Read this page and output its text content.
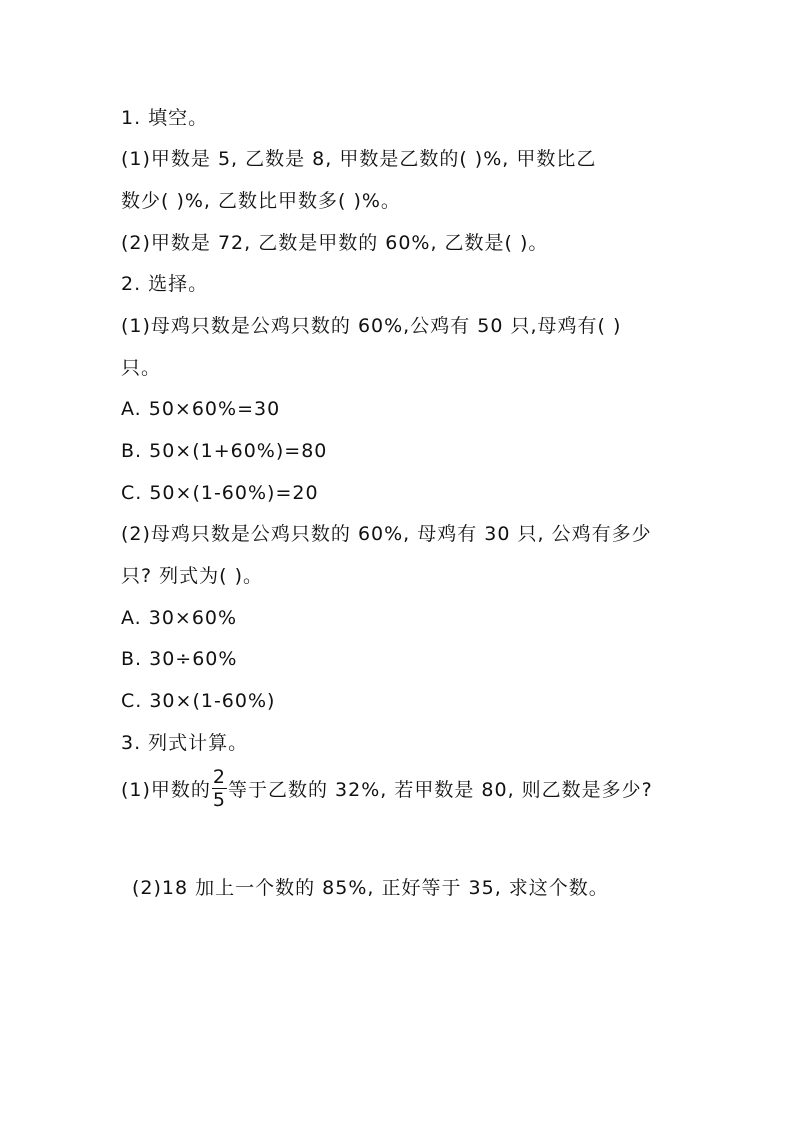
1. 填空。
(1)甲数是 5, 乙数是 8, 甲数是乙数的( )%, 甲数比乙
数少( )%, 乙数比甲数多( )%。
(2)甲数是 72, 乙数是甲数的 60%, 乙数是( )。
2. 选择。
(1)母鸡只数是公鸡只数的 60%,公鸡有 50 只,母鸡有( )
只。
A. 50×60%=30
B. 50×(1+60%)=80
C. 50×(1-60%)=20
(2)母鸡只数是公鸡只数的 60%, 母鸡有 30 只, 公鸡有多少
只? 列式为( )。
A. 30×60%
B. 30÷60%
C. 30×(1-60%)
3. 列式计算。
(1)甲数的 $\frac{2}{5}$ 等于乙数的 32%, 若甲数是 80, 则乙数是多少?
(2)18 加上一个数的 85%, 正好等于 35, 求这个数。
